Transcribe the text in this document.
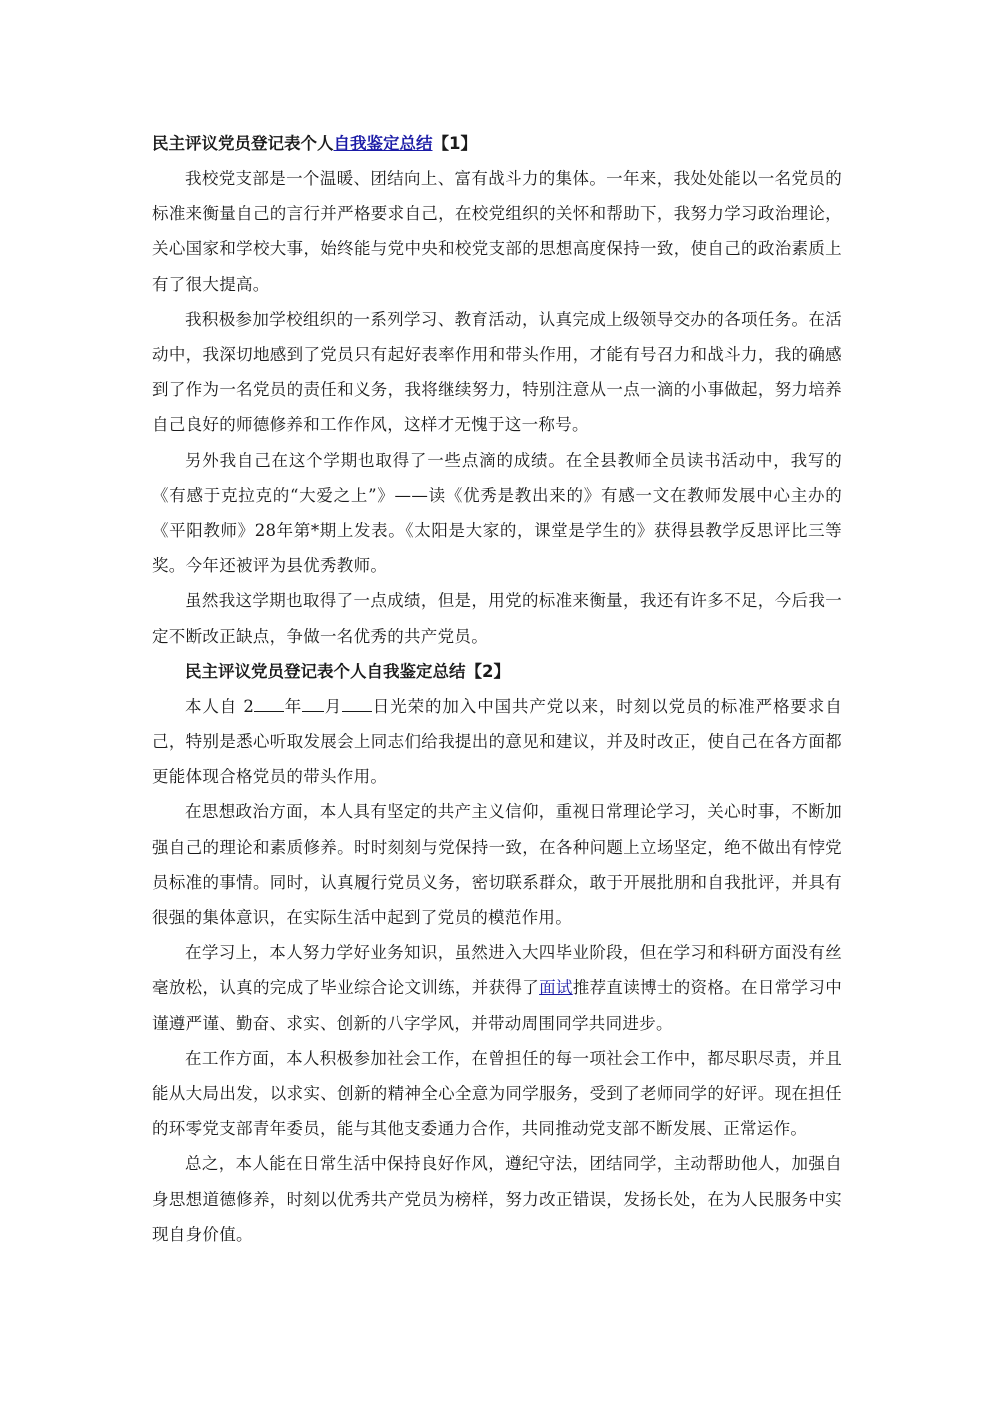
民主评议党员登记表个人自我鉴定总结【1】

我校党支部是一个温暖、团结向上、富有战斗力的集体。一年来，我处处能以一名党员的标准来衡量自己的言行并严格要求自己，在校党组织的关怀和帮助下，我努力学习政治理论，关心国家和学校大事，始终能与党中央和校党支部的思想高度保持一致，使自己的政治素质上有了很大提高。

我积极参加学校组织的一系列学习、教育活动，认真完成上级领导交办的各项任务。在活动中，我深切地感到了党员只有起好表率作用和带头作用，才能有号召力和战斗力，我的确感到了作为一名党员的责任和义务，我将继续努力，特别注意从一点一滴的小事做起，努力培养自己良好的师德修养和工作作风，这样才无愧于这一称号。

另外我自己在这个学期也取得了一些点滴的成绩。在全县教师全员读书活动中，我写的《有感于克拉克的“大爱之上”》——读《优秀是教出来的》有感一文在教师发展中心主办的《平阳教师》28年第*期上发表。《太阳是大家的，课堂是学生的》获得县教学反思评比三等奖。今年还被评为县优秀教师。

虽然我这学期也取得了一点成绩，但是，用党的标准来衡量，我还有许多不足，今后我一定不断改正缺点，争做一名优秀的共产党员。

民主评议党员登记表个人自我鉴定总结【2】

本人自 2 年 月 日光荣的加入中国共产党以来，时刻以党员的标准严格要求自己，特别是悉心听取发展会上同志们给我提出的意见和建议，并及时改正，使自己在各方面都更能体现合格党员的带头作用。

在思想政治方面，本人具有坚定的共产主义信仰，重视日常理论学习，关心时事，不断加强自己的理论和素质修养。时时刻刻与党保持一致，在各种问题上立场坚定，绝不做出有悖党员标准的事情。同时，认真履行党员义务，密切联系群众，敢于开展批朋和自我批评，并具有很强的集体意识，在实际生活中起到了党员的模范作用。

在学习上，本人努力学好业务知识，虽然进入大四毕业阶段，但在学习和科研方面没有丝毫放松，认真的完成了毕业综合论文训练，并获得了面试推荐直读博士的资格。在日常学习中谨遵严谨、勤奋、求实、创新的八字学风，并带动周围同学共同进步。

在工作方面，本人积极参加社会工作，在曾担任的每一项社会工作中，都尽职尽责，并且能从大局出发，以求实、创新的精神全心全意为同学服务，受到了老师同学的好评。现在担任的环零党支部青年委员，能与其他支委通力合作，共同推动党支部不断发展、正常运作。

总之，本人能在日常生活中保持良好作风，遵纪守法，团结同学，主动帮助他人，加强自身思想道德修养，时刻以优秀共产党员为榜样，努力改正错误，发扬长处，在为人民服务中实现自身价值。
